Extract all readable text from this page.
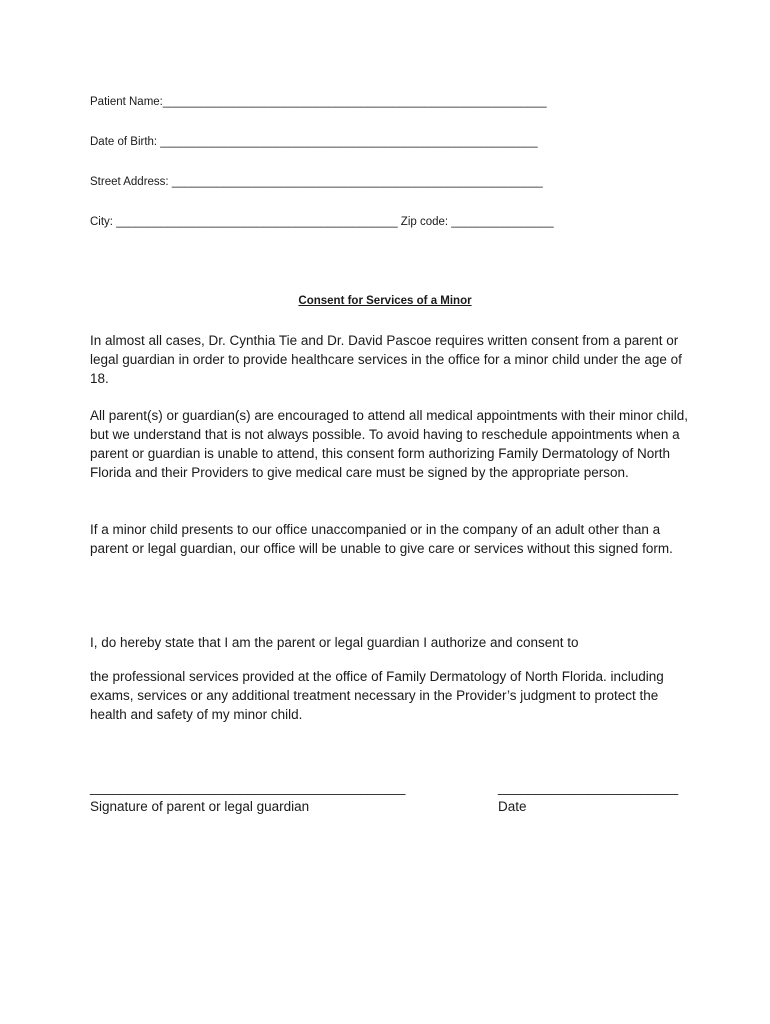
Patient Name:____________________________________________________________
Date of Birth: ___________________________________________________________
Street Address: __________________________________________________________
City: ____________________________________________ Zip code: ________________
Consent for Services of a Minor

In almost all cases, Dr. Cynthia Tie and Dr. David Pascoe requires written consent from a parent or legal guardian in order to provide healthcare services in the office for a minor child under the age of 18.

All parent(s) or guardian(s) are encouraged to attend all medical appointments with their minor child, but we understand that is not always possible. To avoid having to reschedule appointments when a parent or guardian is unable to attend, this consent form authorizing Family Dermatology of North Florida and their Providers to give medical care must be signed by the appropriate person.

If a minor child presents to our office unaccompanied or in the company of an adult other than a parent or legal guardian, our office will be unable to give care or services without this signed form.

I, do hereby state that I am the parent or legal guardian I authorize and consent to

the professional services provided at the office of Family Dermatology of North Florida. including exams, services or any additional treatment necessary in the Provider’s judgment to protect the health and safety of my minor child.

__________________________________________
Signature of parent or legal guardian
________________________
Date
